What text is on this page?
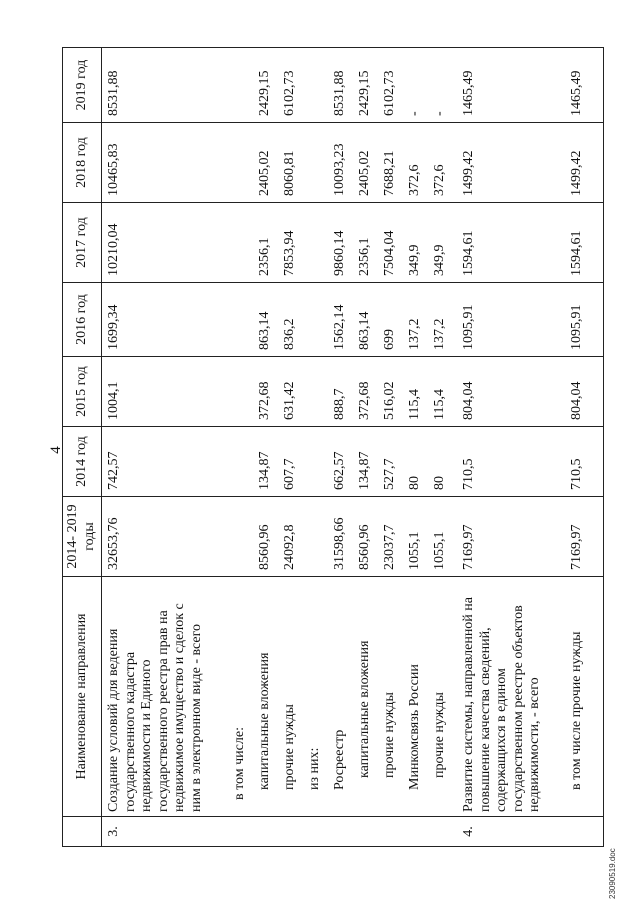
4
	Наименование направления	2014- 2019 годы	2014 год	2015 год	2016 год	2017 год	2018 год	2019 год
3.	Создание условий для ведения государственного кадастра недвижимости и Единого государственного реестра прав на недвижимое имущество и сделок с ним в электронном виде - всего	32653,76	742,57	1004,1	1699,34	10210,04	10465,83	8531,88
	в том числе:							
	капитальные вложения	8560,96	134,87	372,68	863,14	2356,1	2405,02	2429,15
	прочие нужды	24092,8	607,7	631,42	836,2	7853,94	8060,81	6102,73
	из них:							
	Росреестр	31598,66	662,57	888,7	1562,14	9860,14	10093,23	8531,88
	капитальные вложения	8560,96	134,87	372,68	863,14	2356,1	2405,02	2429,15
	прочие нужды	23037,7	527,7	516,02	699	7504,04	7688,21	6102,73
	Минкомсвязь России	1055,1	80	115,4	137,2	349,9	372,6	-
	прочие нужды	1055,1	80	115,4	137,2	349,9	372,6	-
4.	Развитие системы, направленной на повышение качества сведений, содержащихся в едином государственном реестре объектов недвижимости, - всего	7169,97	710,5	804,04	1095,91	1594,61	1499,42	1465,49
	в том числе прочие нужды	7169,97	710,5	804,04	1095,91	1594,61	1499,42	1465,49
23090519.doc
